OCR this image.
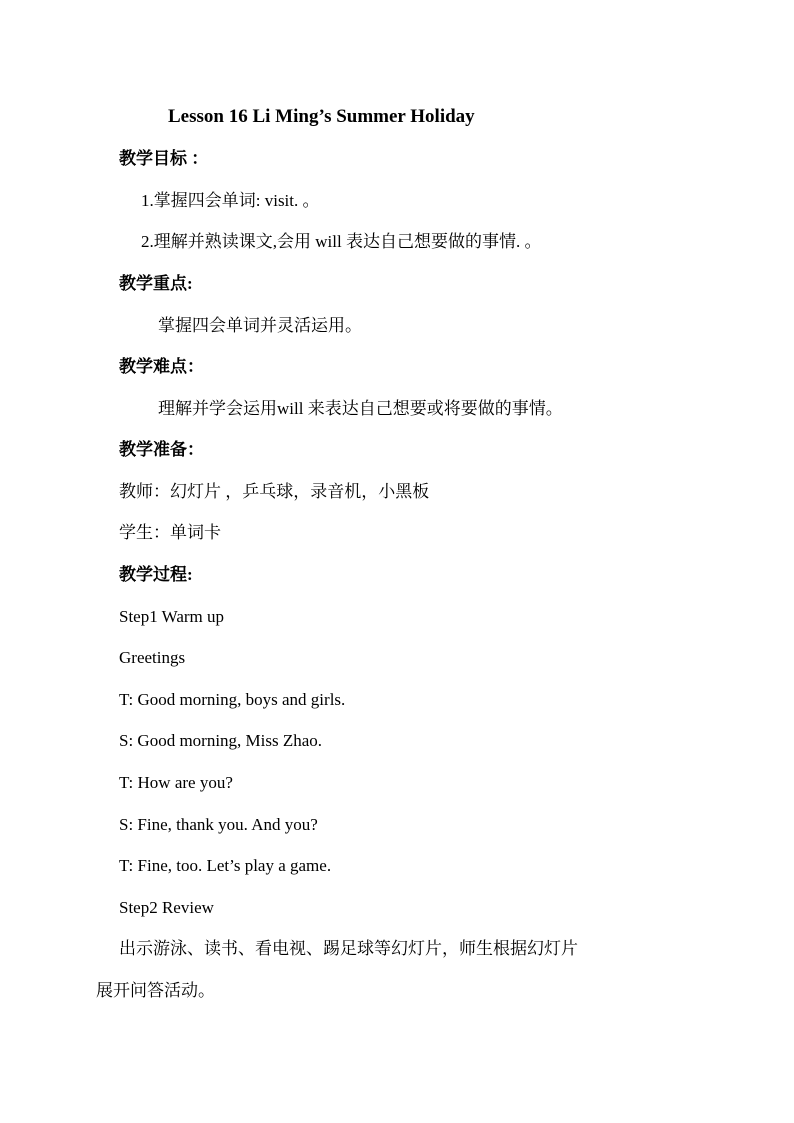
Lesson 16 Li Ming’s Summer Holiday
教学目标 ：
1.掌握四会单词: visit. 。
2.理解并熟读课文,会用 will 表达自己想要做的事情. 。
教学重点:
掌握四会单词并灵活运用。
教学难点：
理解并学会运用will 来表达自己想要或将要做的事情。
教学准备：
教师：幻灯片 ，乒乓球，录音机，小黑板
学生：单词卡
教学过程:
Step1 Warm up
Greetings
T: Good morning, boys and girls.
S: Good morning, Miss Zhao.
T: How are you?
S: Fine, thank you. And you?
T: Fine, too. Let’s play a game.
Step2 Review
出示游泳、读书、看电视、踢足球等幻灯片，师生根据幻灯片
展开问答活动。
